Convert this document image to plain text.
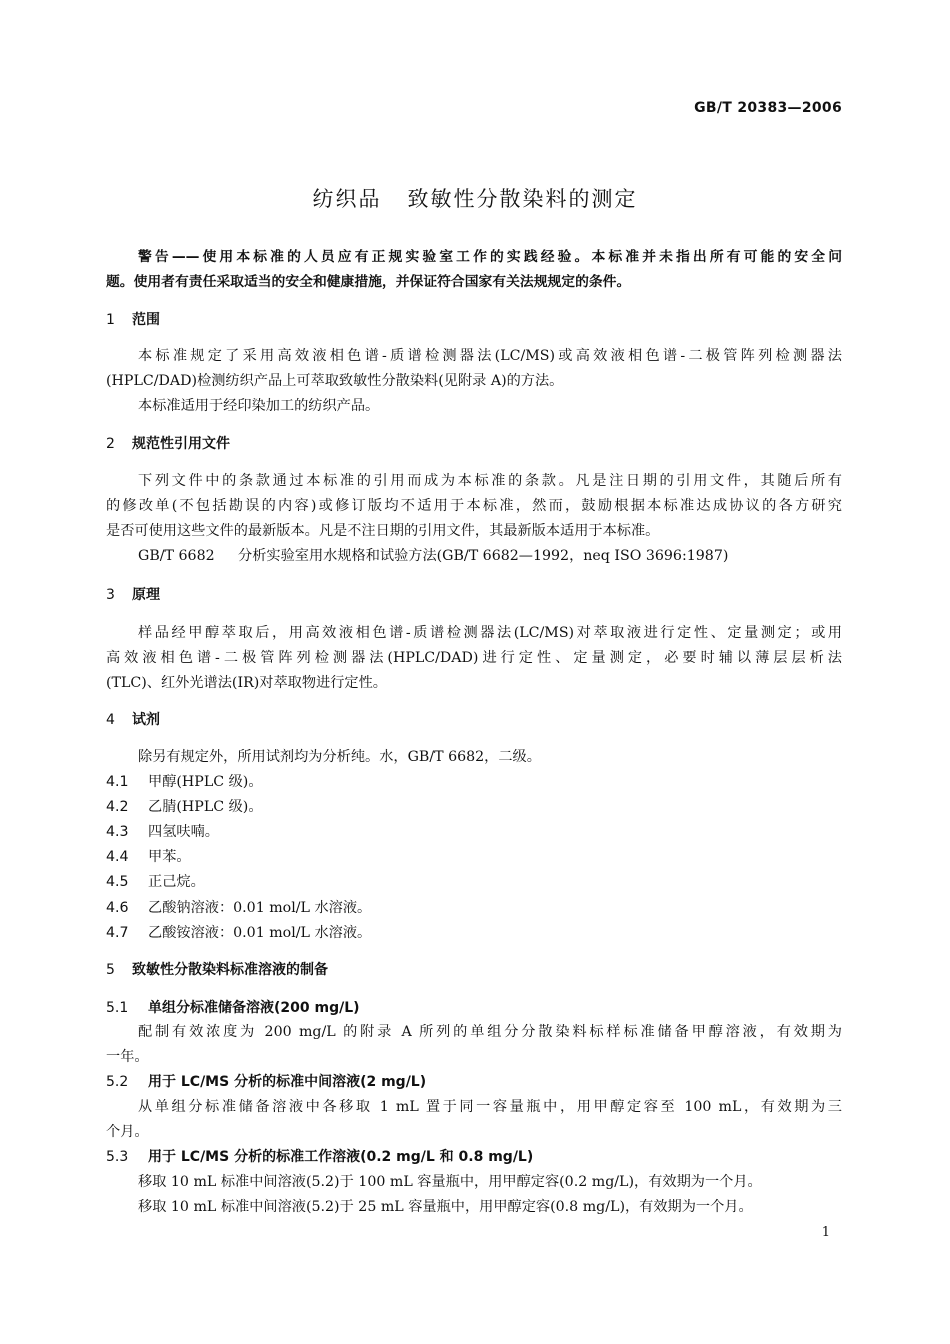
GB/T 20383—2006
纺织品 致敏性分散染料的测定
警告——使用本标准的人员应有正规实验室工作的实践经验。本标准并未指出所有可能的安全问
题。使用者有责任采取适当的安全和健康措施，并保证符合国家有关法规规定的条件。
1 范围
本标准规定了采用高效液相色谱-质谱检测器法(LC/MS)或高效液相色谱-二极管阵列检测器法
(HPLC/DAD)检测纺织产品上可萃取致敏性分散染料(见附录 A)的方法。
本标准适用于经印染加工的纺织产品。
2 规范性引用文件
下列文件中的条款通过本标准的引用而成为本标准的条款。凡是注日期的引用文件，其随后所有
的修改单(不包括勘误的内容)或修订版均不适用于本标准，然而，鼓励根据本标准达成协议的各方研究
是否可使用这些文件的最新版本。凡是不注日期的引用文件，其最新版本适用于本标准。
GB/T 6682 分析实验室用水规格和试验方法(GB/T 6682—1992，neq ISO 3696:1987)
3 原理
样品经甲醇萃取后，用高效液相色谱-质谱检测器法(LC/MS)对萃取液进行定性、定量测定；或用
高效液相色谱-二极管阵列检测器法(HPLC/DAD)进行定性、定量测定，必要时辅以薄层层析法
(TLC)、红外光谱法(IR)对萃取物进行定性。
4 试剂
除另有规定外，所用试剂均为分析纯。水，GB/T 6682，二级。
4.1 甲醇(HPLC 级)。
4.2 乙腈(HPLC 级)。
4.3 四氢呋喃。
4.4 甲苯。
4.5 正己烷。
4.6 乙酸钠溶液：0.01 mol/L 水溶液。
4.7 乙酸铵溶液：0.01 mol/L 水溶液。
5 致敏性分散染料标准溶液的制备
5.1 单组分标准储备溶液(200 mg/L)
配制有效浓度为 200 mg/L 的附录 A 所列的单组分分散染料标样标准储备甲醇溶液，有效期为
一年。
5.2 用于 LC/MS 分析的标准中间溶液(2 mg/L)
从单组分标准储备溶液中各移取 1 mL 置于同一容量瓶中，用甲醇定容至 100 mL，有效期为三
个月。
5.3 用于 LC/MS 分析的标准工作溶液(0.2 mg/L 和 0.8 mg/L)
移取 10 mL 标准中间溶液(5.2)于 100 mL 容量瓶中，用甲醇定容(0.2 mg/L)，有效期为一个月。
移取 10 mL 标准中间溶液(5.2)于 25 mL 容量瓶中，用甲醇定容(0.8 mg/L)，有效期为一个月。
1
